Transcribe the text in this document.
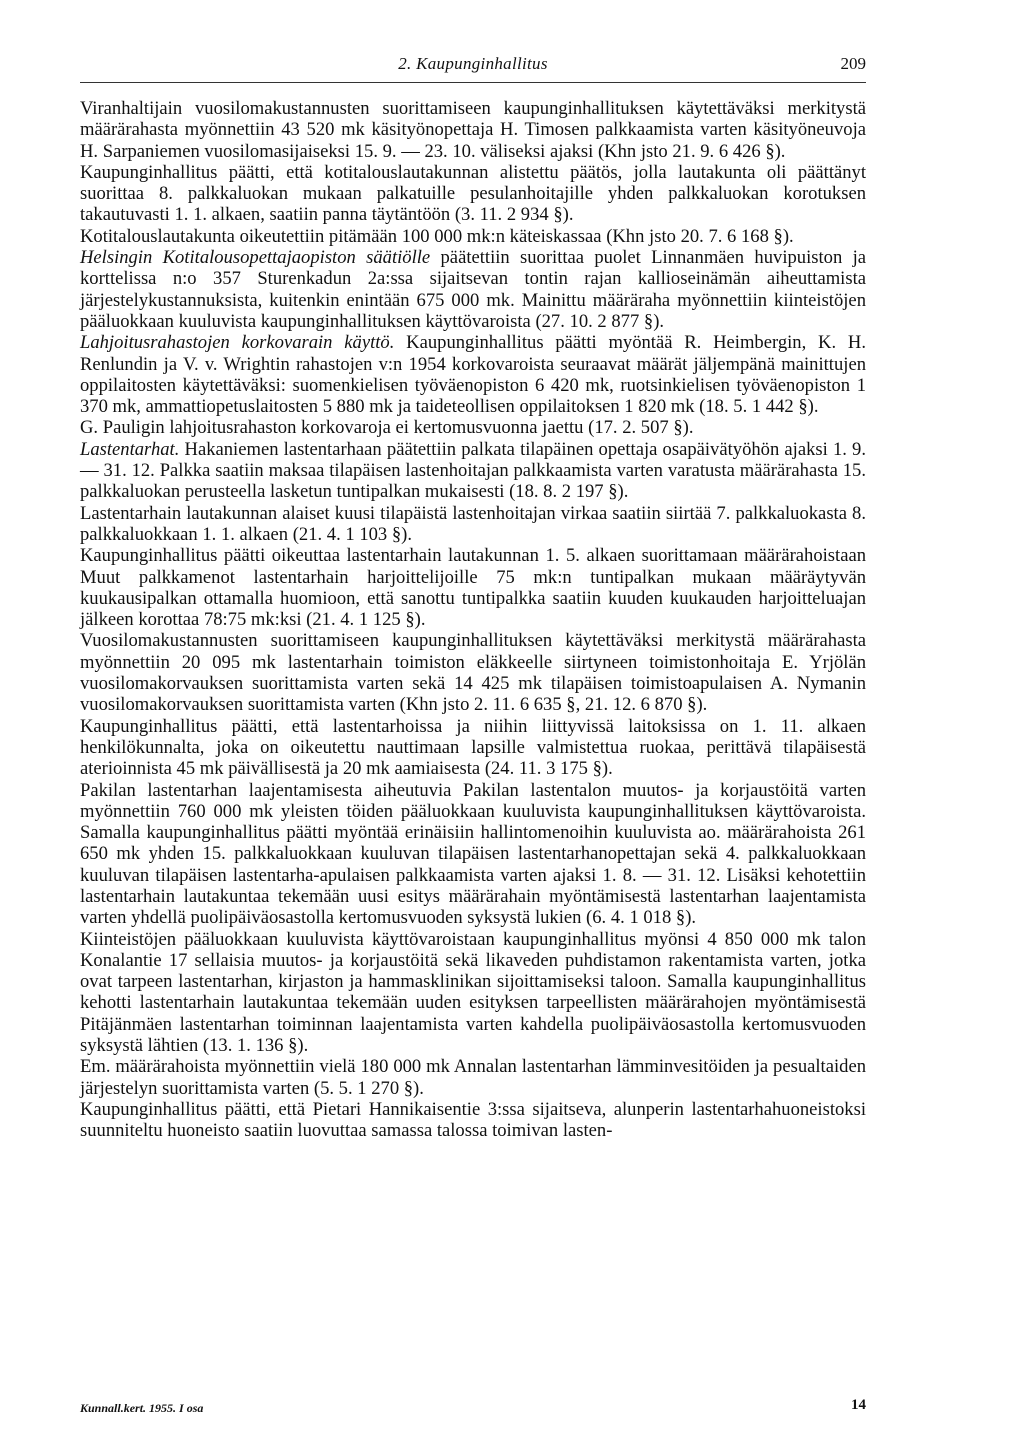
2. Kaupunginhallitus	209

Viranhaltijain vuosilomakustannusten suorittamiseen kaupunginhallituksen käytettäväksi merkitystä määrärahasta myönnettiin 43 520 mk käsityönopettaja H. Timosen palkkaamista varten käsityöneuvoja H. Sarpaniemen vuosilomasijaiseksi 15. 9. — 23. 10. väliseksi ajaksi (Khn jsto 21. 9. 6 426 §).

Kaupunginhallitus päätti, että kotitalouslautakunnan alistettu päätös, jolla lautakunta oli päättänyt suorittaa 8. palkkaluokan mukaan palkatuille pesulanhoitajille yhden palkkaluokan korotuksen takautuvasti 1. 1. alkaen, saatiin panna täytäntöön (3. 11. 2 934 §).

Kotitalouslautakunta oikeutettiin pitämään 100 000 mk:n käteiskassaa (Khn jsto 20. 7. 6 168 §).

Helsingin Kotitalousopettajaopiston säätiölle päätettiin suorittaa puolet Linnanmäen huvipuiston ja korttelissa n:o 357 Sturenkadun 2a:ssa sijaitsevan tontin rajan kallioseinämän aiheuttamista järjestelykustannuksista, kuitenkin enintään 675 000 mk. Mainittu määräraha myönnettiin kiinteistöjen pääluokkaan kuuluvista kaupunginhallituksen käyttövaroista (27. 10. 2 877 §).

Lahjoitusrahastojen korkovarain käyttö. Kaupunginhallitus päätti myöntää R. Heimbergin, K. H. Renlundin ja V. v. Wrightin rahastojen v:n 1954 korkovaroista seuraavat määrät jäljempänä mainittujen oppilaitosten käytettäväksi: suomenkielisen työväenopiston 6 420 mk, ruotsinkielisen työväenopiston 1 370 mk, ammattiopetuslaitosten 5 880 mk ja taideteollisen oppilaitoksen 1 820 mk (18. 5. 1 442 §).

G. Pauligin lahjoitusrahaston korkovaroja ei kertomusvuonna jaettu (17. 2. 507 §).

Lastentarhat. Hakaniemen lastentarhaan päätettiin palkata tilapäinen opettaja osapäivätyöhön ajaksi 1. 9. — 31. 12. Palkka saatiin maksaa tilapäisen lastenhoitajan palkkaamista varten varatusta määrärahasta 15. palkkaluokan perusteella lasketun tuntipalkan mukaisesti (18. 8. 2 197 §).

Lastentarhain lautakunnan alaiset kuusi tilapäistä lastenhoitajan virkaa saatiin siirtää 7. palkkaluokasta 8. palkkaluokkaan 1. 1. alkaen (21. 4. 1 103 §).

Kaupunginhallitus päätti oikeuttaa lastentarhain lautakunnan 1. 5. alkaen suorittamaan määrärahoistaan Muut palkkamenot lastentarhain harjoittelijoille 75 mk:n tuntipalkan mukaan määräytyvän kuukausipalkan ottamalla huomioon, että sanottu tuntipalkka saatiin kuuden kuukauden harjoitteluajan jälkeen korottaa 78:75 mk:ksi (21. 4. 1 125 §).

Vuosilomakustannusten suorittamiseen kaupunginhallituksen käytettäväksi merkitystä määrärahasta myönnettiin 20 095 mk lastentarhain toimiston eläkkeelle siirtyneen toimistonhoitaja E. Yrjölän vuosilomakorvauksen suorittamista varten sekä 14 425 mk tilapäisen toimistoapulaisen A. Nymanin vuosilomakorvauksen suorittamista varten (Khn jsto 2. 11. 6 635 §, 21. 12. 6 870 §).

Kaupunginhallitus päätti, että lastentarhoissa ja niihin liittyvissä laitoksissa on 1. 11. alkaen henkilökunnalta, joka on oikeutettu nauttimaan lapsille valmistettua ruokaa, perittävä tilapäisestä aterioinnista 45 mk päivällisestä ja 20 mk aamiaisesta (24. 11. 3 175 §).

Pakilan lastentarhan laajentamisesta aiheutuvia Pakilan lastentalon muutos- ja korjaustöitä varten myönnettiin 760 000 mk yleisten töiden pääluokkaan kuuluvista kaupunginhallituksen käyttövaroista. Samalla kaupunginhallitus päätti myöntää erinäisiin hallintomenoihin kuuluvista ao. määrärahoista 261 650 mk yhden 15. palkkaluokkaan kuuluvan tilapäisen lastentarhanopettajan sekä 4. palkkaluokkaan kuuluvan tilapäisen lastentarha-apulaisen palkkaamista varten ajaksi 1. 8. — 31. 12. Lisäksi kehotettiin lastentarhain lautakuntaa tekemään uusi esitys määrärahain myöntämisestä lastentarhan laajentamista varten yhdellä puolipäiväosastolla kertomusvuoden syksystä lukien (6. 4. 1 018 §).

Kiinteistöjen pääluokkaan kuuluvista käyttövaroistaan kaupunginhallitus myönsi 4 850 000 mk talon Konalantie 17 sellaisia muutos- ja korjaustöitä sekä likaveden puhdistamon rakentamista varten, jotka ovat tarpeen lastentarhan, kirjaston ja hammasklinikan sijoittamiseksi taloon. Samalla kaupunginhallitus kehotti lastentarhain lautakuntaa tekemään uuden esityksen tarpeellisten määrärahojen myöntämisestä Pitäjänmäen lastentarhan toiminnan laajentamista varten kahdella puolipäiväosastolla kertomusvuoden syksystä lähtien (13. 1. 136 §).

Em. määrärahoista myönnettiin vielä 180 000 mk Annalan lastentarhan lämminvesitöiden ja pesualtaiden järjestelyn suorittamista varten (5. 5. 1 270 §).

Kaupunginhallitus päätti, että Pietari Hannikaisentie 3:ssa sijaitseva, alunperin lastentarhahuoneistoksi suunniteltu huoneisto saatiin luovuttaa samassa talossa toimivan lasten-

Kunnall.kert. 1955. I osa	14
